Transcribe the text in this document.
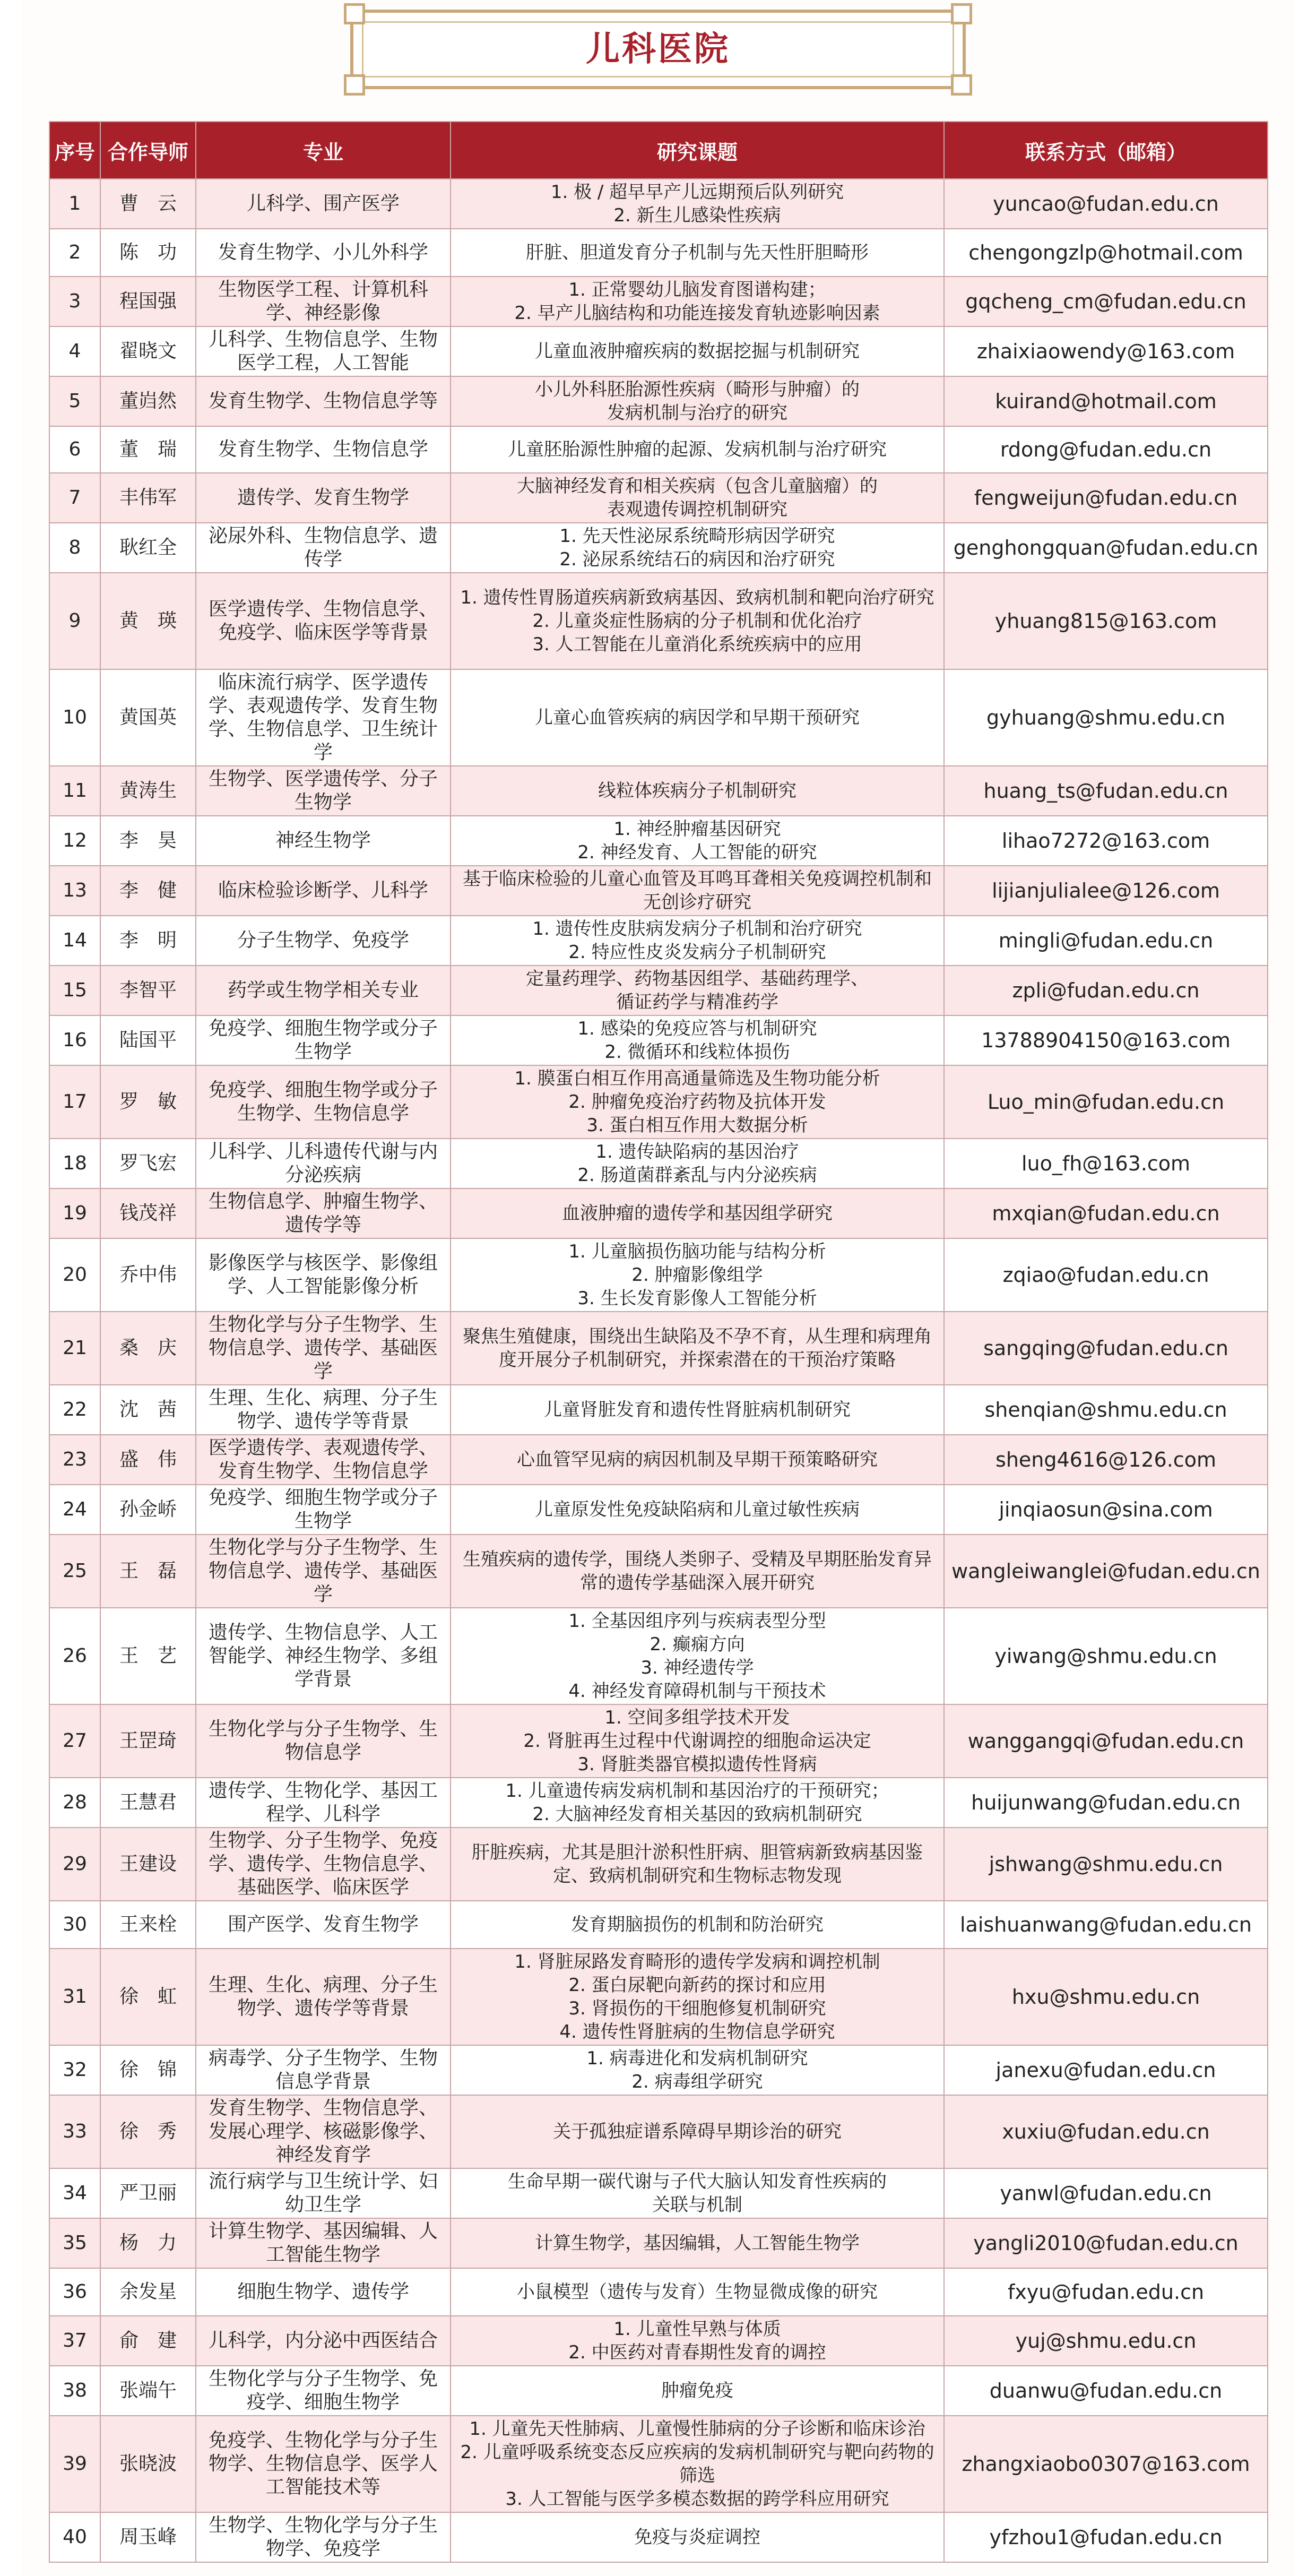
儿科医院
序号	合作导师	专业	研究课题	联系方式（邮箱）
1	曹　云	儿科学、围产医学	1. 极 / 超早早产儿远期预后队列研究
2. 新生儿感染性疾病	yuncao@fudan.edu.cn
2	陈　功	发育生物学、小儿外科学	肝脏、胆道发育分子机制与先天性肝胆畸形	chengongzlp@hotmail.com
3	程国强	生物医学工程、计算机科学、神经影像	1. 正常婴幼儿脑发育图谱构建；
2. 早产儿脑结构和功能连接发育轨迹影响因素	gqcheng_cm@fudan.edu.cn
4	翟晓文	儿科学、生物信息学、生物医学工程，人工智能	儿童血液肿瘤疾病的数据挖掘与机制研究	zhaixiaowendy@163.com
5	董岿然	发育生物学、生物信息学等	小儿外科胚胎源性疾病（畸形与肿瘤）的
发病机制与治疗的研究	kuirand@hotmail.com
6	董　瑞	发育生物学、生物信息学	儿童胚胎源性肿瘤的起源、发病机制与治疗研究	rdong@fudan.edu.cn
7	丰伟军	遗传学、发育生物学	大脑神经发育和相关疾病（包含儿童脑瘤）的
表观遗传调控机制研究	fengweijun@fudan.edu.cn
8	耿红全	泌尿外科、生物信息学、遗传学	1. 先天性泌尿系统畸形病因学研究
2. 泌尿系统结石的病因和治疗研究	genghongquan@fudan.edu.cn
9	黄　瑛	医学遗传学、生物信息学、免疫学、临床医学等背景	1. 遗传性胃肠道疾病新致病基因、致病机制和靶向治疗研究
2. 儿童炎症性肠病的分子机制和优化治疗
3. 人工智能在儿童消化系统疾病中的应用	yhuang815@163.com
10	黄国英	临床流行病学、医学遗传学、表观遗传学、发育生物学、生物信息学、卫生统计学	儿童心血管疾病的病因学和早期干预研究	gyhuang@shmu.edu.cn
11	黄涛生	生物学、医学遗传学、分子生物学	线粒体疾病分子机制研究	huang_ts@fudan.edu.cn
12	李　昊	神经生物学	1. 神经肿瘤基因研究
2. 神经发育、人工智能的研究	lihao7272@163.com
13	李　健	临床检验诊断学、儿科学	基于临床检验的儿童心血管及耳鸣耳聋相关免疫调控机制和无创诊疗研究	lijianjulialee@126.com
14	李　明	分子生物学、免疫学	1. 遗传性皮肤病发病分子机制和治疗研究
2. 特应性皮炎发病分子机制研究	mingli@fudan.edu.cn
15	李智平	药学或生物学相关专业	定量药理学、药物基因组学、基础药理学、
循证药学与精准药学	zpli@fudan.edu.cn
16	陆国平	免疫学、细胞生物学或分子生物学	1. 感染的免疫应答与机制研究
2. 微循环和线粒体损伤	13788904150@163.com
17	罗　敏	免疫学、细胞生物学或分子生物学、生物信息学	1. 膜蛋白相互作用高通量筛选及生物功能分析
2. 肿瘤免疫治疗药物及抗体开发
3. 蛋白相互作用大数据分析	Luo_min@fudan.edu.cn
18	罗飞宏	儿科学、儿科遗传代谢与内分泌疾病	1. 遗传缺陷病的基因治疗
2. 肠道菌群紊乱与内分泌疾病	luo_fh@163.com
19	钱茂祥	生物信息学、肿瘤生物学、遗传学等	血液肿瘤的遗传学和基因组学研究	mxqian@fudan.edu.cn
20	乔中伟	影像医学与核医学、影像组学、人工智能影像分析	1. 儿童脑损伤脑功能与结构分析
2. 肿瘤影像组学
3. 生长发育影像人工智能分析	zqiao@fudan.edu.cn
21	桑　庆	生物化学与分子生物学、生物信息学、遗传学、基础医学	聚焦生殖健康，围绕出生缺陷及不孕不育，从生理和病理角度开展分子机制研究，并探索潜在的干预治疗策略	sangqing@fudan.edu.cn
22	沈　茜	生理、生化、病理、分子生物学、遗传学等背景	儿童肾脏发育和遗传性肾脏病机制研究	shenqian@shmu.edu.cn
23	盛　伟	医学遗传学、表观遗传学、发育生物学、生物信息学	心血管罕见病的病因机制及早期干预策略研究	sheng4616@126.com
24	孙金峤	免疫学、细胞生物学或分子生物学	儿童原发性免疫缺陷病和儿童过敏性疾病	jinqiaosun@sina.com
25	王　磊	生物化学与分子生物学、生物信息学、遗传学、基础医学	生殖疾病的遗传学，围绕人类卵子、受精及早期胚胎发育异常的遗传学基础深入展开研究	wangleiwanglei@fudan.edu.cn
26	王　艺	遗传学、生物信息学、人工智能学、神经生物学、多组学背景	1. 全基因组序列与疾病表型分型
2. 癫痫方向
3. 神经遗传学
4. 神经发育障碍机制与干预技术	yiwang@shmu.edu.cn
27	王罡琦	生物化学与分子生物学、生物信息学	1. 空间多组学技术开发
2. 肾脏再生过程中代谢调控的细胞命运决定
3. 肾脏类器官模拟遗传性肾病	wanggangqi@fudan.edu.cn
28	王慧君	遗传学、生物化学、基因工程学、儿科学	1. 儿童遗传病发病机制和基因治疗的干预研究；
2. 大脑神经发育相关基因的致病机制研究	huijunwang@fudan.edu.cn
29	王建设	生物学、分子生物学、免疫学、遗传学、生物信息学、基础医学、临床医学	肝脏疾病，尤其是胆汁淤积性肝病、胆管病新致病基因鉴定、致病机制研究和生物标志物发现	jshwang@shmu.edu.cn
30	王来栓	围产医学、发育生物学	发育期脑损伤的机制和防治研究	laishuanwang@fudan.edu.cn
31	徐　虹	生理、生化、病理、分子生物学、遗传学等背景	1. 肾脏尿路发育畸形的遗传学发病和调控机制
2. 蛋白尿靶向新药的探讨和应用
3. 肾损伤的干细胞修复机制研究
4. 遗传性肾脏病的生物信息学研究	hxu@shmu.edu.cn
32	徐　锦	病毒学、分子生物学、生物信息学背景	1. 病毒进化和发病机制研究
2. 病毒组学研究	janexu@fudan.edu.cn
33	徐　秀	发育生物学、生物信息学、发展心理学、核磁影像学、神经发育学	关于孤独症谱系障碍早期诊治的研究	xuxiu@fudan.edu.cn
34	严卫丽	流行病学与卫生统计学、妇幼卫生学	生命早期一碳代谢与子代大脑认知发育性疾病的
关联与机制	yanwl@fudan.edu.cn
35	杨　力	计算生物学、基因编辑、人工智能生物学	计算生物学，基因编辑，人工智能生物学	yangli2010@fudan.edu.cn
36	余发星	细胞生物学、遗传学	小鼠模型（遗传与发育）生物显微成像的研究	fxyu@fudan.edu.cn
37	俞　建	儿科学，内分泌中西医结合	1. 儿童性早熟与体质
2. 中医药对青春期性发育的调控	yuj@shmu.edu.cn
38	张端午	生物化学与分子生物学、免疫学、细胞生物学	肿瘤免疫	duanwu@fudan.edu.cn
39	张晓波	免疫学、生物化学与分子生物学、生物信息学、医学人工智能技术等	1. 儿童先天性肺病、儿童慢性肺病的分子诊断和临床诊治
2. 儿童呼吸系统变态反应疾病的发病机制研究与靶向药物的筛选
3. 人工智能与医学多模态数据的跨学科应用研究	zhangxiaobo0307@163.com
40	周玉峰	生物学、生物化学与分子生物学、免疫学	免疫与炎症调控	yfzhou1@fudan.edu.cn
